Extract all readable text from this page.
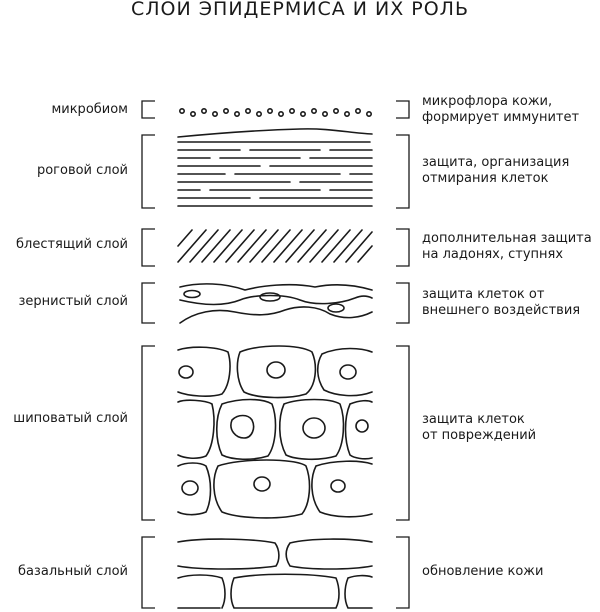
СЛОИ ЭПИДЕРМИСА И ИХ РОЛЬ
микробиом
роговой слой
блестящий слой
зернистый слой
шиповатый слой
базальный слой
микрофлора кожи,
формирует иммунитет
защита, организация
отмирания клеток
дополнительная защита
на ладонях, ступнях
защита клеток от
внешнего воздействия
защита клеток
от повреждений
обновление кожи
